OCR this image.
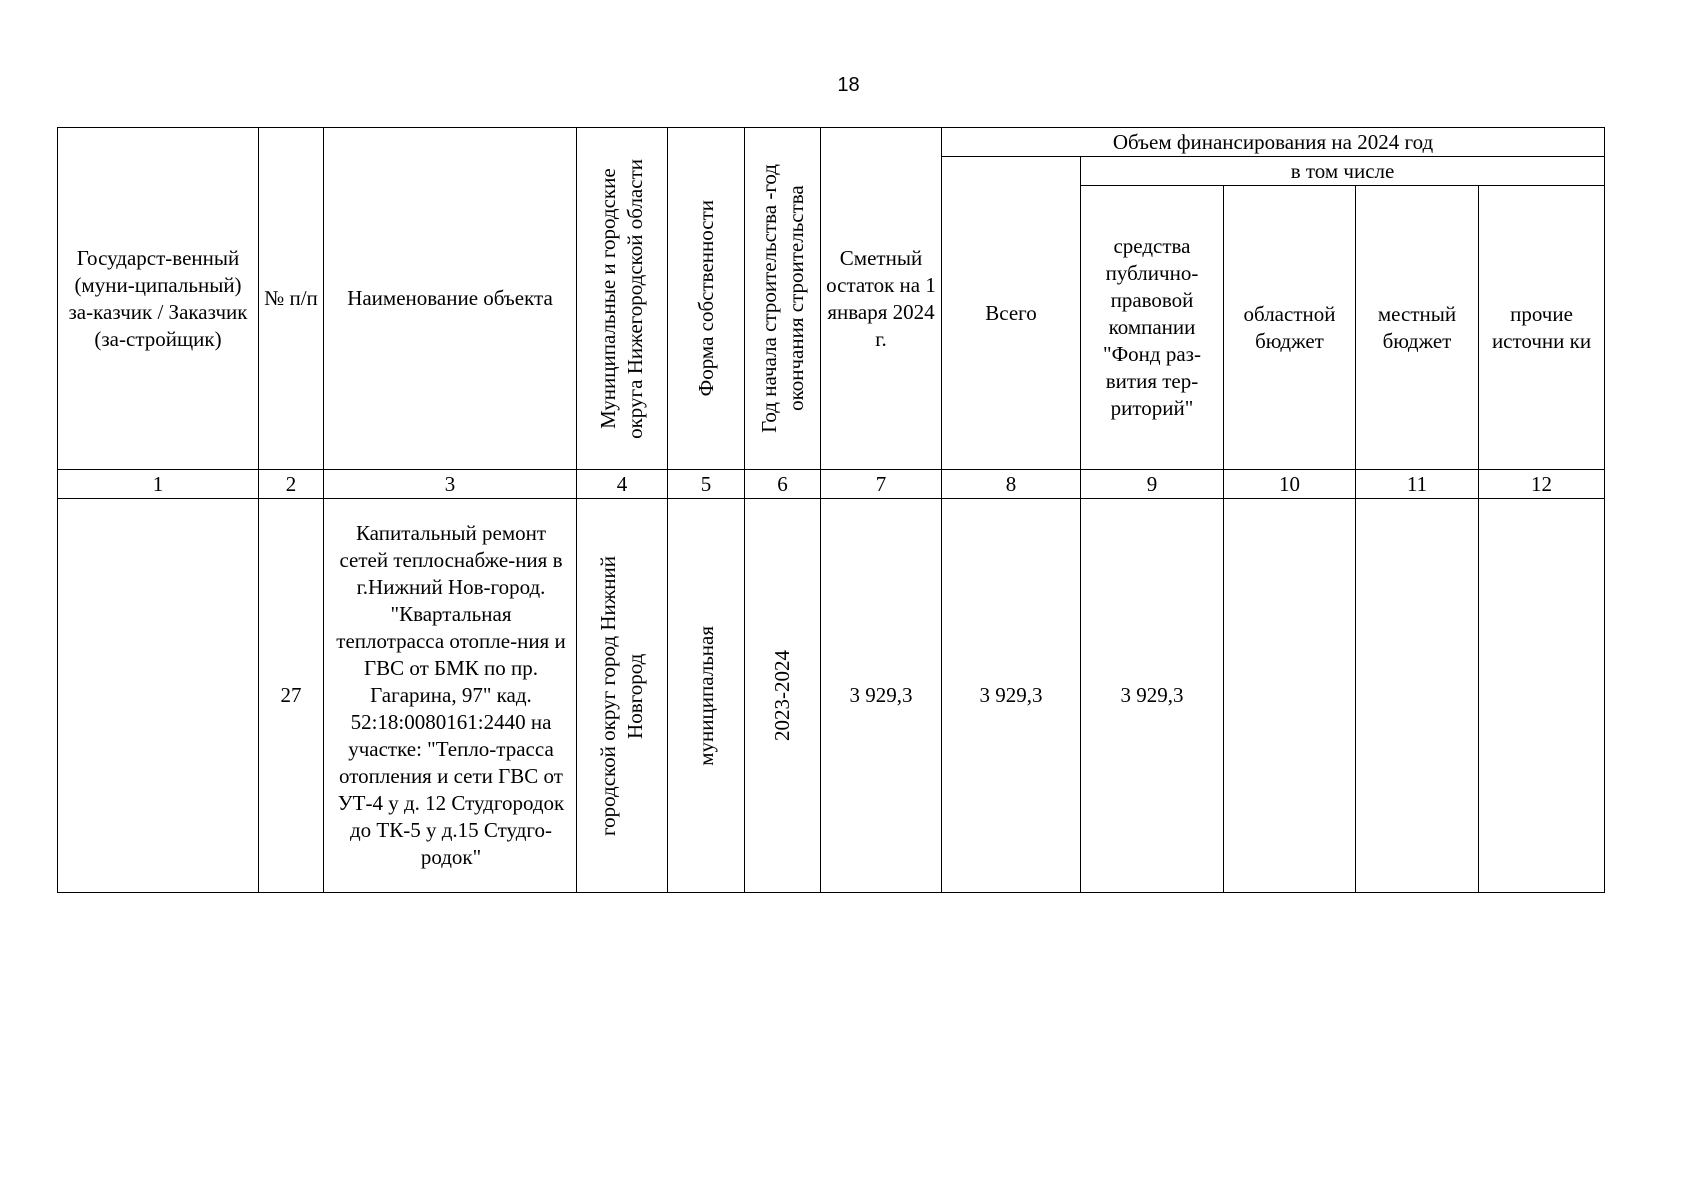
18
Государст-венный (муни-ципальный) за-казчик / Заказчик (за-стройщик)	№ п/п	Наименование объекта	Муниципальные и городские
округа Нижегородской области	Форма собственности	Год начала строительства -год
окончания строительства	Сметный остаток на 1 января 2024 г.	Объем финансирования на 2024 год				
							Всего	в том числе			
								средства публично-правовой компании "Фонд раз-вития тер-риторий"	областной бюджет	местный бюджет	прочие источни ки
1	2	3	4	5	6	7	8	9	10	11	12
	27	Капитальный ремонт сетей теплоснабже-ния в г.Нижний Нов-город. "Квартальная теплотрасса отопле-ния и ГВС от БМК по пр. Гагарина, 97" кад. 52:18:0080161:2440 на участке: "Тепло-трасса отопления и сети ГВС от УТ-4 у д. 12 Студгородок до ТК-5 у д.15 Студго-родок"	городской округ город Нижний
Новгород	муниципальная	2023-2024	3 929,3	3 929,3	3 929,3			
